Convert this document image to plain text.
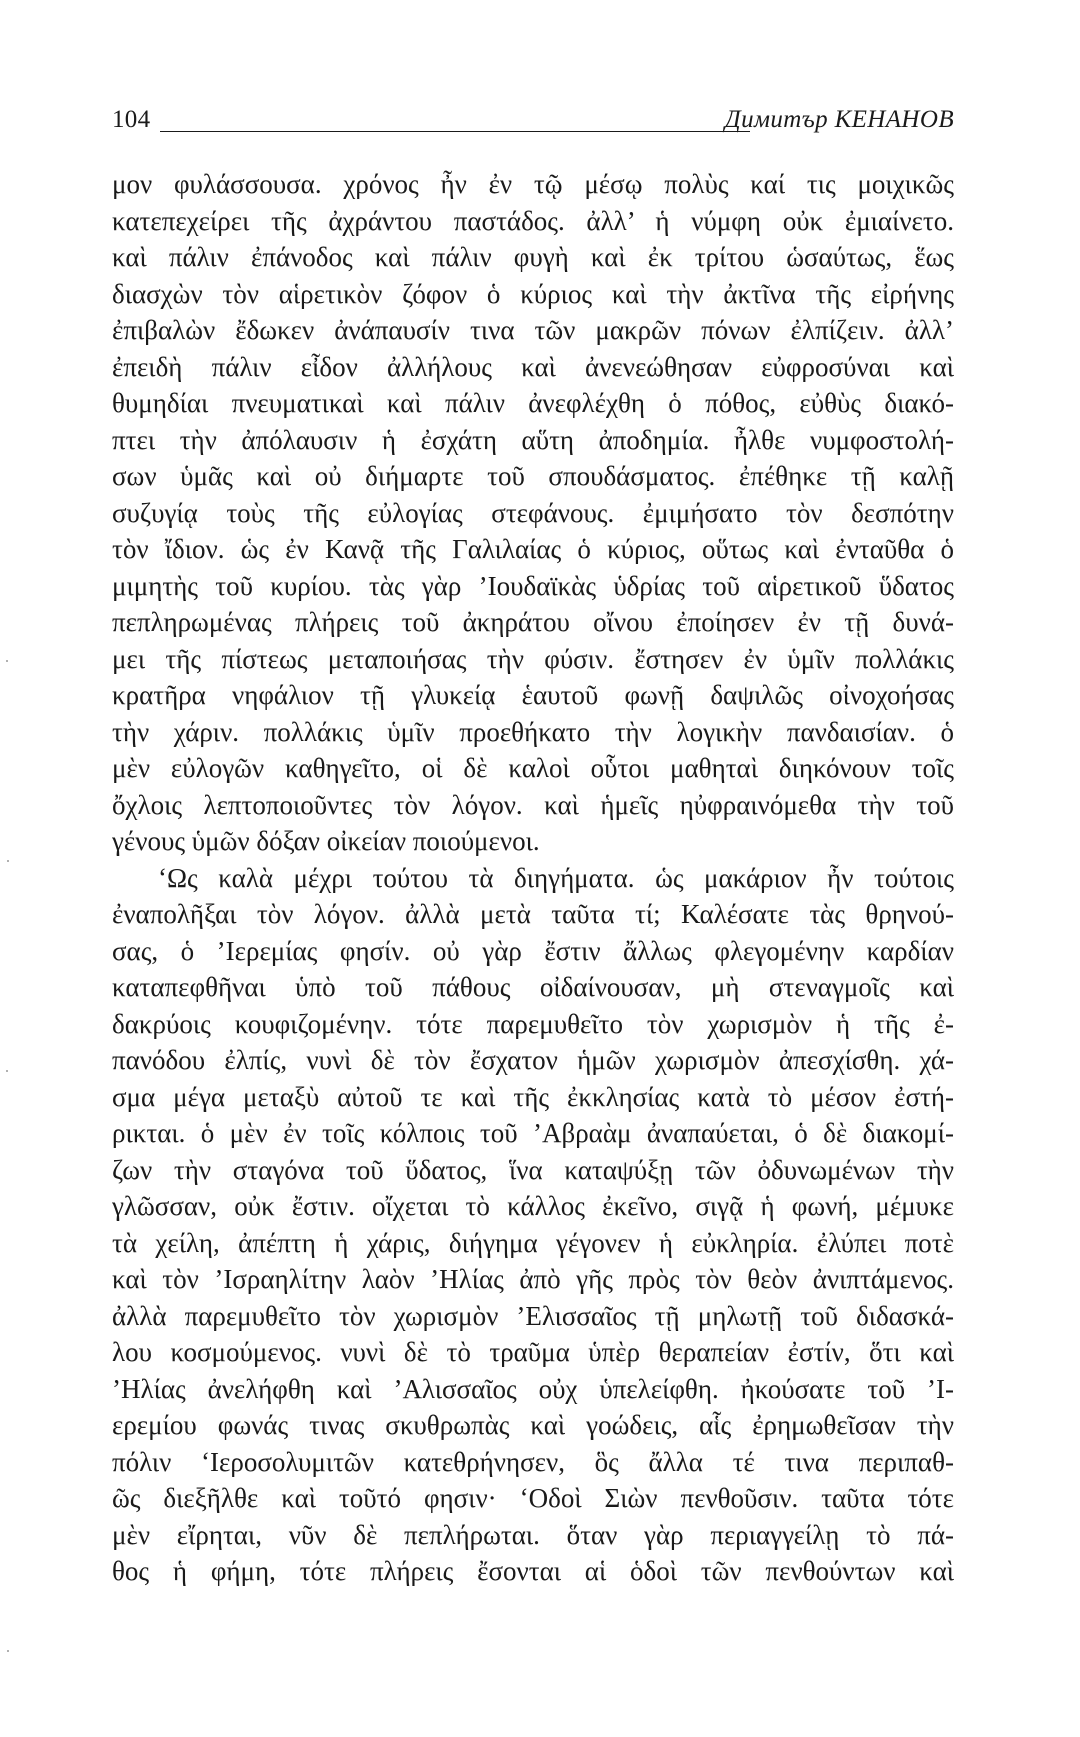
104	Димитър КЕНАНОВ
μον φυλάσσουσα. χρόνος ἦν ἐν τῷ μέσῳ πολὺς καί τις μοιχικῶς
κατεπεχείρει τῆς ἀχράντου παστάδος. ἀλλ’ ἡ νύμφη οὐκ ἐμιαίνετο.
καὶ πάλιν ἐπάνοδος καὶ πάλιν φυγὴ καὶ ἐκ τρίτου ὡσαύτως, ἕως
διασχὼν τὸν αἱρετικὸν ζόφον ὁ κύριος καὶ τὴν ἀκτῖνα τῆς εἰρήνης
ἐπιβαλὼν ἔδωκεν ἀνάπαυσίν τινα τῶν μακρῶν πόνων ἐλπίζειν. ἀλλ’
ἐπειδὴ πάλιν εἶδον ἀλλήλους καὶ ἀνενεώθησαν εὐφροσύναι καὶ
θυμηδίαι πνευματικαὶ καὶ πάλιν ἀνεφλέχθη ὁ πόθος, εὐθὺς διακό-
πτει τὴν ἀπόλαυσιν ἡ ἐσχάτη αὕτη ἀποδημία. ἦλθε νυμφοστολή-
σων ὑμᾶς καὶ οὐ διήμαρτε τοῦ σπουδάσματος. ἐπέθηκε τῇ καλῇ
συζυγίᾳ τοὺς τῆς εὐλογίας στεφάνους. ἐμιμήσατο τὸν δεσπότην
τὸν ἴδιον. ὡς ἐν Κανᾷ τῆς Γαλιλαίας ὁ κύριος, οὕτως καὶ ἐνταῦθα ὁ
μιμητὴς τοῦ κυρίου. τὰς γὰρ ’Ιουδαϊκὰς ὑδρίας τοῦ αἱρετικοῦ ὕδατος
πεπληρωμένας πλήρεις τοῦ ἀκηράτου οἴνου ἐποίησεν ἐν τῇ δυνά-
μει τῆς πίστεως μεταποιήσας τὴν φύσιν. ἔστησεν ἐν ὑμῖν πολλάκις
κρατῆρα νηφάλιον τῇ γλυκείᾳ ἑαυτοῦ φωνῇ δαψιλῶς οἰνοχοήσας
τὴν χάριν. πολλάκις ὑμῖν προεθήκατο τὴν λογικὴν πανδαισίαν. ὁ
μὲν εὐλογῶν καθηγεῖτο, οἱ δὲ καλοὶ οὗτοι μαθηταὶ διηκόνουν τοῖς
ὄχλοις λεπτοποιοῦντες τὸν λόγον. καὶ ἡμεῖς ηὐφραινόμεθα τὴν τοῦ
γένους ὑμῶν δόξαν οἰκείαν ποιούμενοι.
‘Ως καλὰ μέχρι τούτου τὰ διηγήματα. ὡς μακάριον ἦν τούτοις
ἐναπολῆξαι τὸν λόγον. ἀλλὰ μετὰ ταῦτα τί; Καλέσατε τὰς θρηνού-
σας, ὁ ’Ιερεμίας φησίν. οὐ γὰρ ἔστιν ἄλλως φλεγομένην καρδίαν
καταπεφθῆναι ὑπὸ τοῦ πάθους οἰδαίνουσαν, μὴ στεναγμοῖς καὶ
δακρύοις κουφιζομένην. τότε παρεμυθεῖτο τὸν χωρισμὸν ἡ τῆς ἐ-
πανόδου ἐλπίς, νυνὶ δὲ τὸν ἔσχατον ἡμῶν χωρισμὸν ἀπεσχίσθη. χά-
σμα μέγα μεταξὺ αὐτοῦ τε καὶ τῆς ἐκκλησίας κατὰ τὸ μέσον ἐστή-
ρικται. ὁ μὲν ἐν τοῖς κόλποις τοῦ ’Αβραὰμ ἀναπαύεται, ὁ δὲ διακομί-
ζων τὴν σταγόνα τοῦ ὕδατος, ἵνα καταψύξῃ τῶν ὀδυνωμένων τὴν
γλῶσσαν, οὐκ ἔστιν. οἴχεται τὸ κάλλος ἐκεῖνο, σιγᾷ ἡ φωνή, μέμυκε
τὰ χείλη, ἀπέπτη ἡ χάρις, διήγημα γέγονεν ἡ εὐκληρία. ἐλύπει ποτὲ
καὶ τὸν ’Ισραηλίτην λαὸν ’Ηλίας ἀπὸ γῆς πρὸς τὸν θεὸν ἀνιπτάμενος.
ἀλλὰ παρεμυθεῖτο τὸν χωρισμὸν ’Ελισσαῖος τῇ μηλωτῇ τοῦ διδασκά-
λου κοσμούμενος. νυνὶ δὲ τὸ τραῦμα ὑπὲρ θεραπείαν ἐστίν, ὅτι καὶ
’Ηλίας ἀνελήφθη καὶ ’Αλισσαῖος οὐχ ὑπελείφθη. ἠκούσατε τοῦ ’Ι-
ερεμίου φωνάς τινας σκυθρωπὰς καὶ γοώδεις, αἷς ἐρημωθεῖσαν τὴν
πόλιν ‘Ιεροσολυμιτῶν κατεθρήνησεν, ὃς ἄλλα τέ τινα περιπαθ-
ῶς διεξῆλθε καὶ τοῦτό φησιν· ‘Οδοὶ Σιὼν πενθοῦσιν. ταῦτα τότε
μὲν εἴρηται, νῦν δὲ πεπλήρωται. ὅταν γὰρ περιαγγείλῃ τὸ πά-
θος ἡ φήμη, τότε πλήρεις ἔσονται αἱ ὁδοὶ τῶν πενθούντων καὶ
